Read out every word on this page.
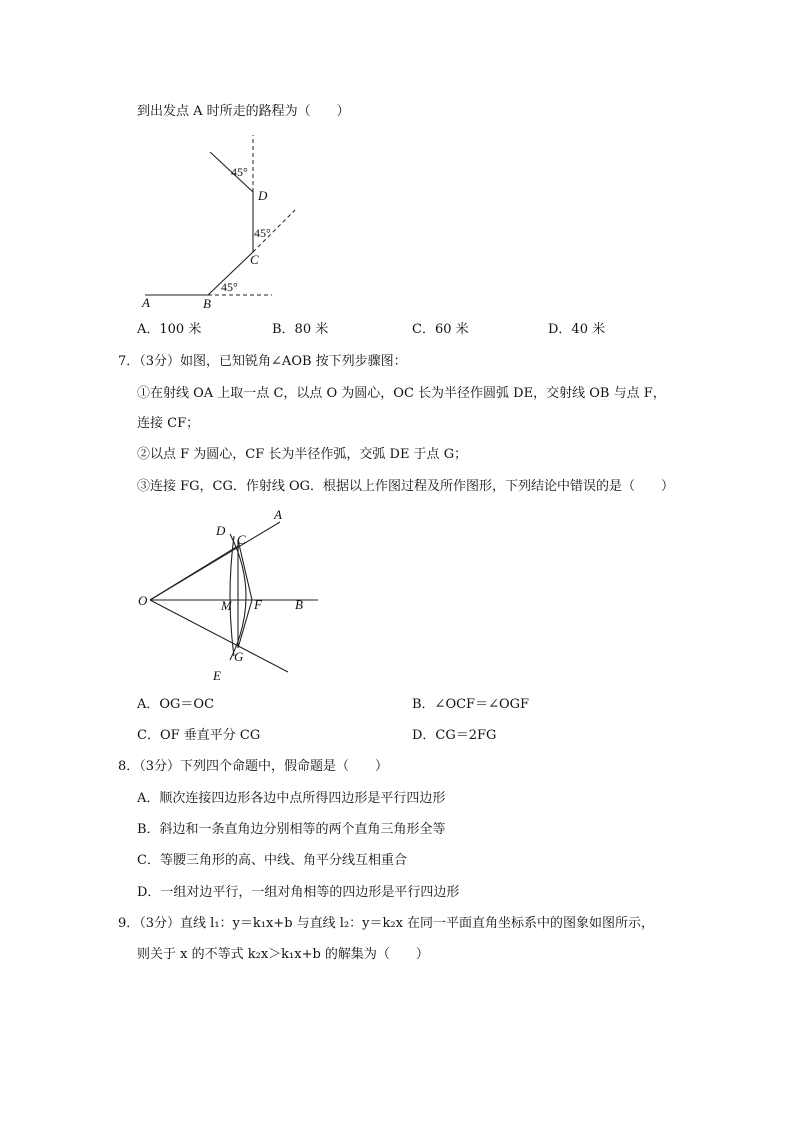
到出发点 A 时所走的路程为（　　）
45°
45°
45°
A	B
C
D
A．100 米	B．80 米	C．60 米	D．40 米
7．（3分）如图，已知锐角∠AOB 按下列步骤图：
①在射线 OA 上取一点 C，以点 O 为圆心，OC 长为半径作圆弧 DE，交射线 OB 与点 F，
连接 CF；
②以点 F 为圆心，CF 长为半径作弧，交弧 DE 于点 G；
③连接 FG，CG．作射线 OG．根据以上作图过程及所作图形，下列结论中错误的是（　　）
A
B
C
D
E
F
G
M
O
A．OG＝OC	B．∠OCF＝∠OGF
C．OF 垂直平分 CG	D．CG＝2FG
8．（3分）下列四个命题中，假命题是（　　）
A．顺次连接四边形各边中点所得四边形是平行四边形
B．斜边和一条直角边分别相等的两个直角三角形全等
C．等腰三角形的高、中线、角平分线互相重合
D．一组对边平行，一组对角相等的四边形是平行四边形
9．（3分）直线 l₁：y＝k₁x+b 与直线 l₂：y＝k₂x 在同一平面直角坐标系中的图象如图所示，
则关于 x 的不等式 k₂x＞k₁x+b 的解集为（　　）
